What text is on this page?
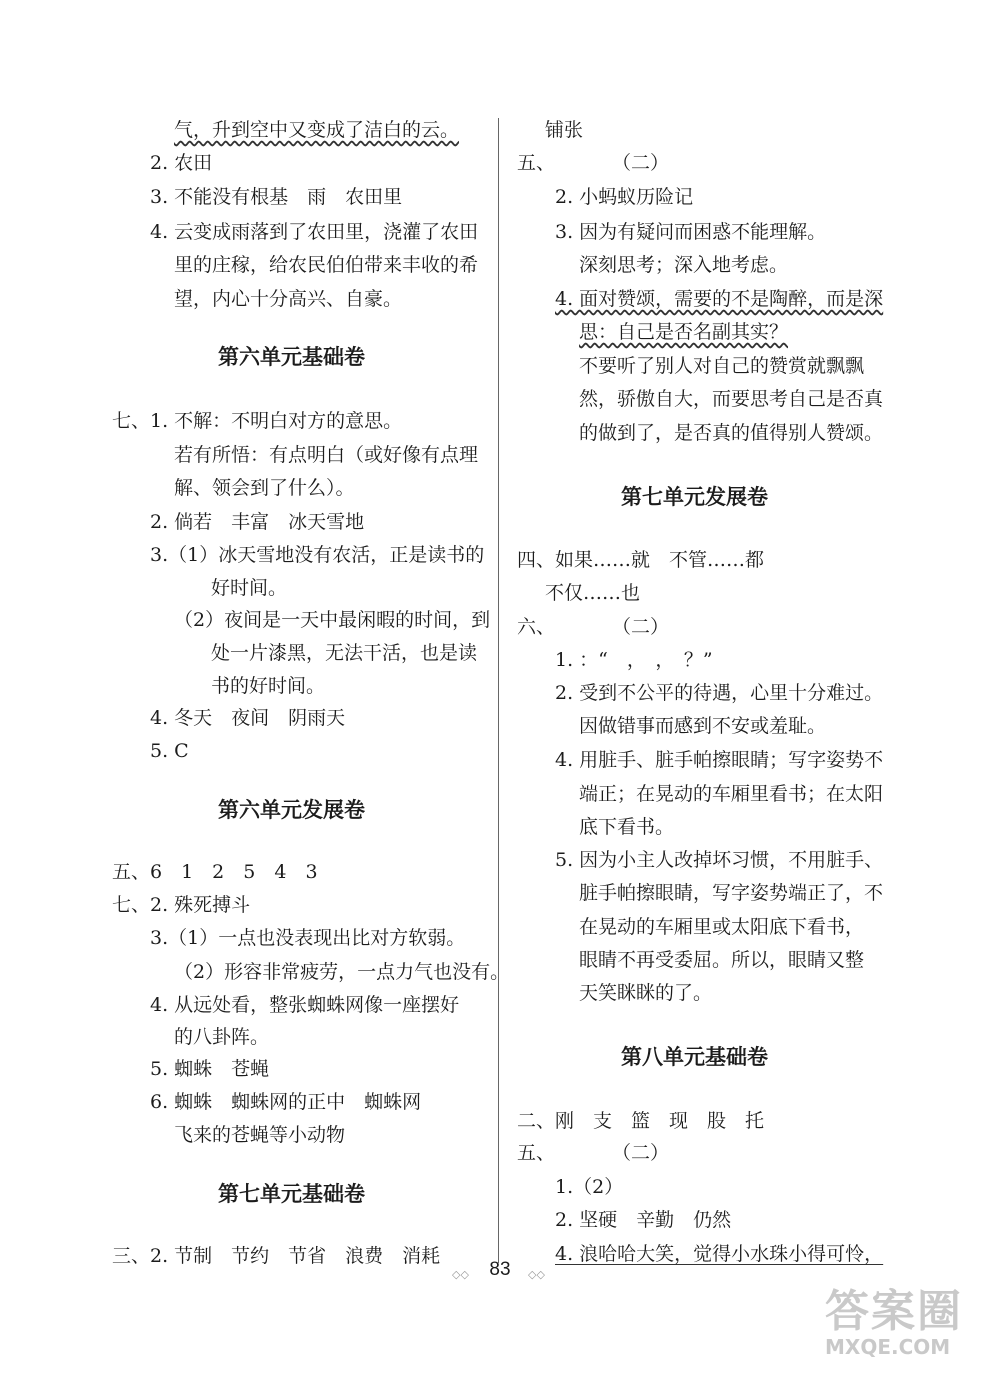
气，升到空中又变成了洁白的云。
2. 农田
3. 不能没有根基　雨　农田里
4. 云变成雨落到了农田里，浇灌了农田
里的庄稼，给农民伯伯带来丰收的希
望，内心十分高兴、自豪。
第六单元基础卷
七、1. 不解：不明白对方的意思。
若有所悟：有点明白（或好像有点理
解、领会到了什么）。
2. 倘若　丰富　冰天雪地
3.（1）冰天雪地没有农活，正是读书的
好时间。
（2）夜间是一天中最闲暇的时间，到
处一片漆黑，无法干活，也是读
书的好时间。
4. 冬天　夜间　阴雨天
5. C
第六单元发展卷
五、6　1　2　5　4　3
七、2. 殊死搏斗
3.（1）一点也没表现出比对方软弱。
（2）形容非常疲劳，一点力气也没有。
4. 从远处看，整张蜘蛛网像一座摆好
的八卦阵。
5. 蜘蛛　苍蝇
6. 蜘蛛　蜘蛛网的正中　蜘蛛网
飞来的苍蝇等小动物
第七单元基础卷
三、2. 节制　节约　节省　浪费　消耗
铺张
五、　　　　（二）
2. 小蚂蚁历险记
3. 因为有疑问而困惑不能理解。
深刻思考；深入地考虑。
4. 面对赞颂，需要的不是陶醉，而是深
思：自己是否名副其实？
不要听了别人对自己的赞赏就飘飘
然，骄傲自大，而要思考自己是否真
的做到了，是否真的值得别人赞颂。
第七单元发展卷
四、如果……就　不管……都
不仅……也
六、　　　　（二）
1. ：“　，　，　？”
2. 受到不公平的待遇，心里十分难过。
因做错事而感到不安或羞耻。
4. 用脏手、脏手帕擦眼睛；写字姿势不
端正；在晃动的车厢里看书；在太阳
底下看书。
5. 因为小主人改掉坏习惯，不用脏手、
脏手帕擦眼睛，写字姿势端正了，不
在晃动的车厢里或太阳底下看书，
眼睛不再受委屈。所以，眼睛又整
天笑眯眯的了。
第八单元基础卷
二、刚　支　篮　现　股　托
五、　　　　（二）
1.（2）
2. 坚硬　辛勤　仍然
4. 浪哈哈大笑，觉得小水珠小得可怜，
◇◇	83	◇◇
答案圈
MXQE.COM
